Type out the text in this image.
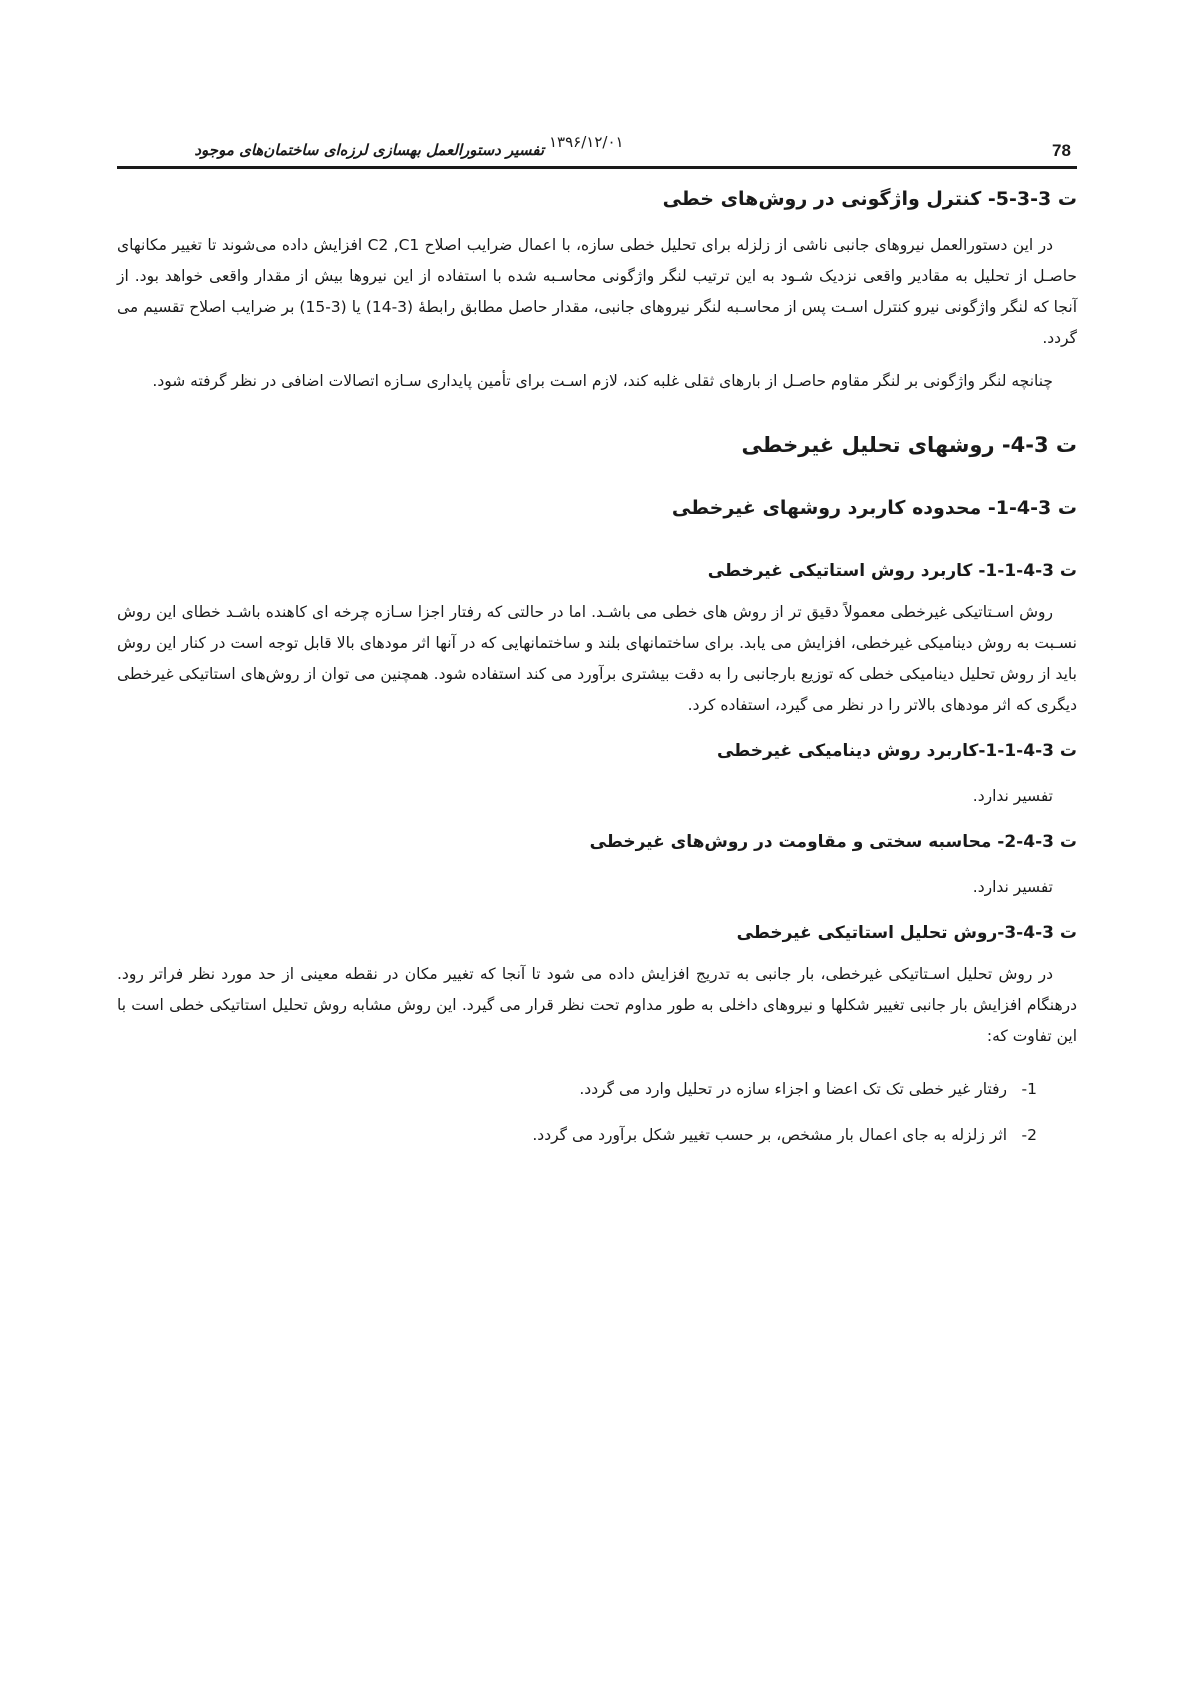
78
۱۳۹۶/۱۲/۰۱
تفسیر دستورالعمل بهسازی لرزه‌ای ساختمان‌های موجود
ت 3-3-5- کنترل واژگونی در روش‌های خطی

در این دستورالعمل نیروهای جانبی ناشی از زلزله برای تحلیل خطی سازه، با اعمال ضرایب اصلاح C2 ,C1 افزایش داده می‌شوند تا تغییر مکانهای حاصـل از تحلیل به مقادیر واقعی نزدیک شـود به این ترتیب لنگر واژگونی محاسـبه شده با استفاده از این نیروها بیش از مقدار واقعی خواهد بود. از آنجا که لنگر واژگونی نیرو کنترل اسـت پس از محاسـبه لنگر نیروهای جانبی، مقدار حاصل مطابق رابطهٔ (3-14) یا (3-15) بر ضرایب اصلاح تقسیم می گردد.

چنانچه لنگر واژگونی بر لنگر مقاوم حاصـل از بارهای ثقلی غلبه کند، لازم اسـت برای تأمین پایداری سـازه اتصالات اضافی در نظر گرفته شود.

ت 3-4- روشهای تحلیل غیرخطی
ت 3-4-1- محدوده کاربرد روشهای غیرخطی
ت 3-4-1-1- کاربرد روش استاتیکی غیرخطی

روش اسـتاتیکی غیرخطی معمولاً دقیق تر از روش های خطی می باشـد. اما در حالتی که رفتار اجزا سـازه چرخه ای کاهنده باشـد خطای این روش نسـبت به روش دینامیکی غیرخطی، افزایش می یابد. برای ساختمانهای بلند و ساختمانهایی که در آنها اثر مودهای بالا قابل توجه است در کنار این روش باید از روش تحلیل دینامیکی خطی که توزیع بارجانبی را به دقت بیشتری برآورد می کند استفاده شود. همچنین می توان از روش‌های استاتیکی غیرخطی دیگری که اثر مودهای بالاتر را در نظر می گیرد، استفاده کرد.

ت 3-4-1-1-کاربرد روش دینامیکی غیرخطی

تفسیر ندارد.

ت 3-4-2- محاسبه سختی و مقاومت در روش‌های غیرخطی

تفسیر ندارد.

ت 3-4-3-روش تحلیل استاتیکی غیرخطی

در روش تحلیل اسـتاتیکی غیرخطی، بار جانبی به تدریج افزایش داده می شود تا آنجا که تغییر مکان در نقطه معینی از حد مورد نظر فراتر رود. درهنگام افزایش بار جانبی تغییر شکلها و نیروهای داخلی به طور مداوم تحت نظر قرار می گیرد. این روش مشابه روش تحلیل استاتیکی خطی است با این تفاوت که:

1-
رفتار غیر خطی تک تک اعضا و اجزاء سازه در تحلیل وارد می گردد.
2-
اثر زلزله به جای اعمال بار مشخص، بر حسب تغییر شکل برآورد می گردد.
